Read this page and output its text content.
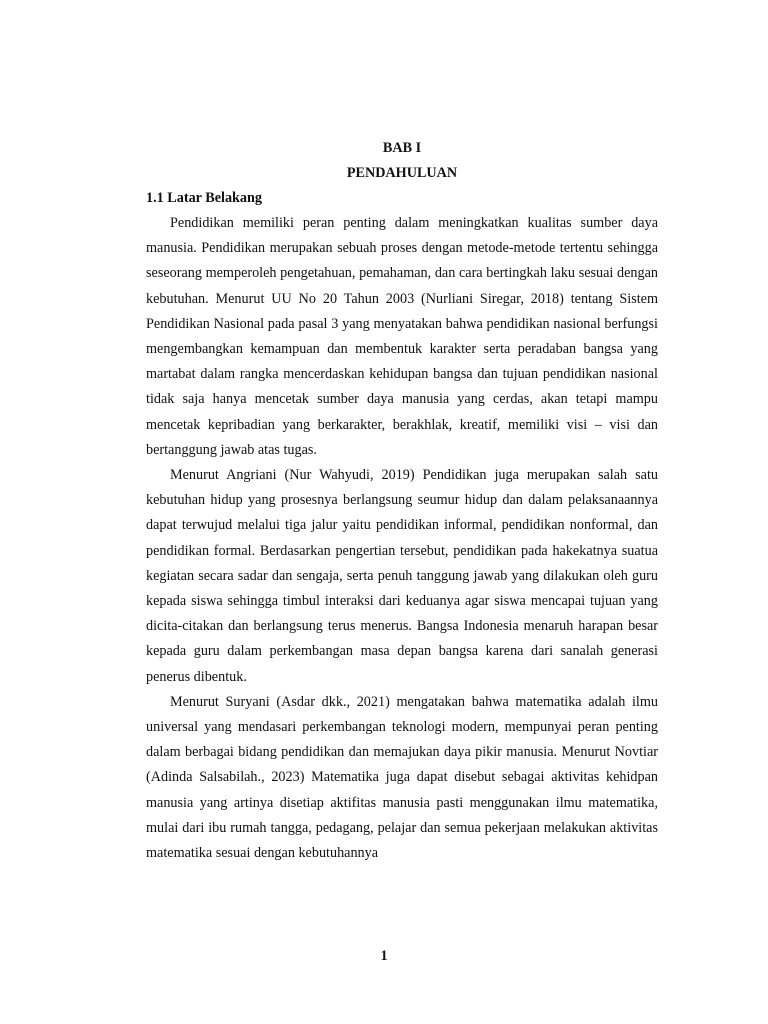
BAB I

PENDAHULUAN

1.1 Latar Belakang

Pendidikan memiliki peran penting dalam meningkatkan kualitas sumber daya manusia. Pendidikan merupakan sebuah proses dengan metode-metode tertentu sehingga seseorang memperoleh pengetahuan, pemahaman, dan cara bertingkah laku sesuai dengan kebutuhan. Menurut UU No 20 Tahun 2003 (Nurliani Siregar, 2018) tentang Sistem Pendidikan Nasional pada pasal 3 yang menyatakan bahwa pendidikan nasional berfungsi mengembangkan kemampuan dan membentuk karakter serta peradaban bangsa yang martabat dalam rangka mencerdaskan kehidupan bangsa dan tujuan pendidikan nasional tidak saja hanya mencetak sumber daya manusia yang cerdas, akan tetapi mampu mencetak kepribadian yang berkarakter, berakhlak, kreatif, memiliki visi – visi dan bertanggung jawab atas tugas.

Menurut Angriani (Nur Wahyudi, 2019) Pendidikan juga merupakan salah satu kebutuhan hidup yang prosesnya berlangsung seumur hidup dan dalam pelaksanaannya dapat terwujud melalui tiga jalur yaitu pendidikan informal, pendidikan nonformal, dan pendidikan formal. Berdasarkan pengertian tersebut, pendidikan pada hakekatnya suatua kegiatan secara sadar dan sengaja, serta penuh tanggung jawab yang dilakukan oleh guru kepada siswa sehingga timbul interaksi dari keduanya agar siswa mencapai tujuan yang dicita-citakan dan berlangsung terus menerus. Bangsa Indonesia menaruh harapan besar kepada guru dalam perkembangan masa depan bangsa karena dari sanalah generasi penerus dibentuk.

Menurut Suryani (Asdar dkk., 2021) mengatakan bahwa matematika adalah ilmu universal yang mendasari perkembangan teknologi modern, mempunyai peran penting dalam berbagai bidang pendidikan dan memajukan daya pikir manusia. Menurut Novtiar (Adinda Salsabilah., 2023) Matematika juga dapat disebut sebagai aktivitas kehidpan manusia yang artinya disetiap aktifitas manusia pasti menggunakan ilmu matematika, mulai dari ibu rumah tangga, pedagang, pelajar dan semua pekerjaan melakukan aktivitas matematika sesuai dengan kebutuhannya

1
